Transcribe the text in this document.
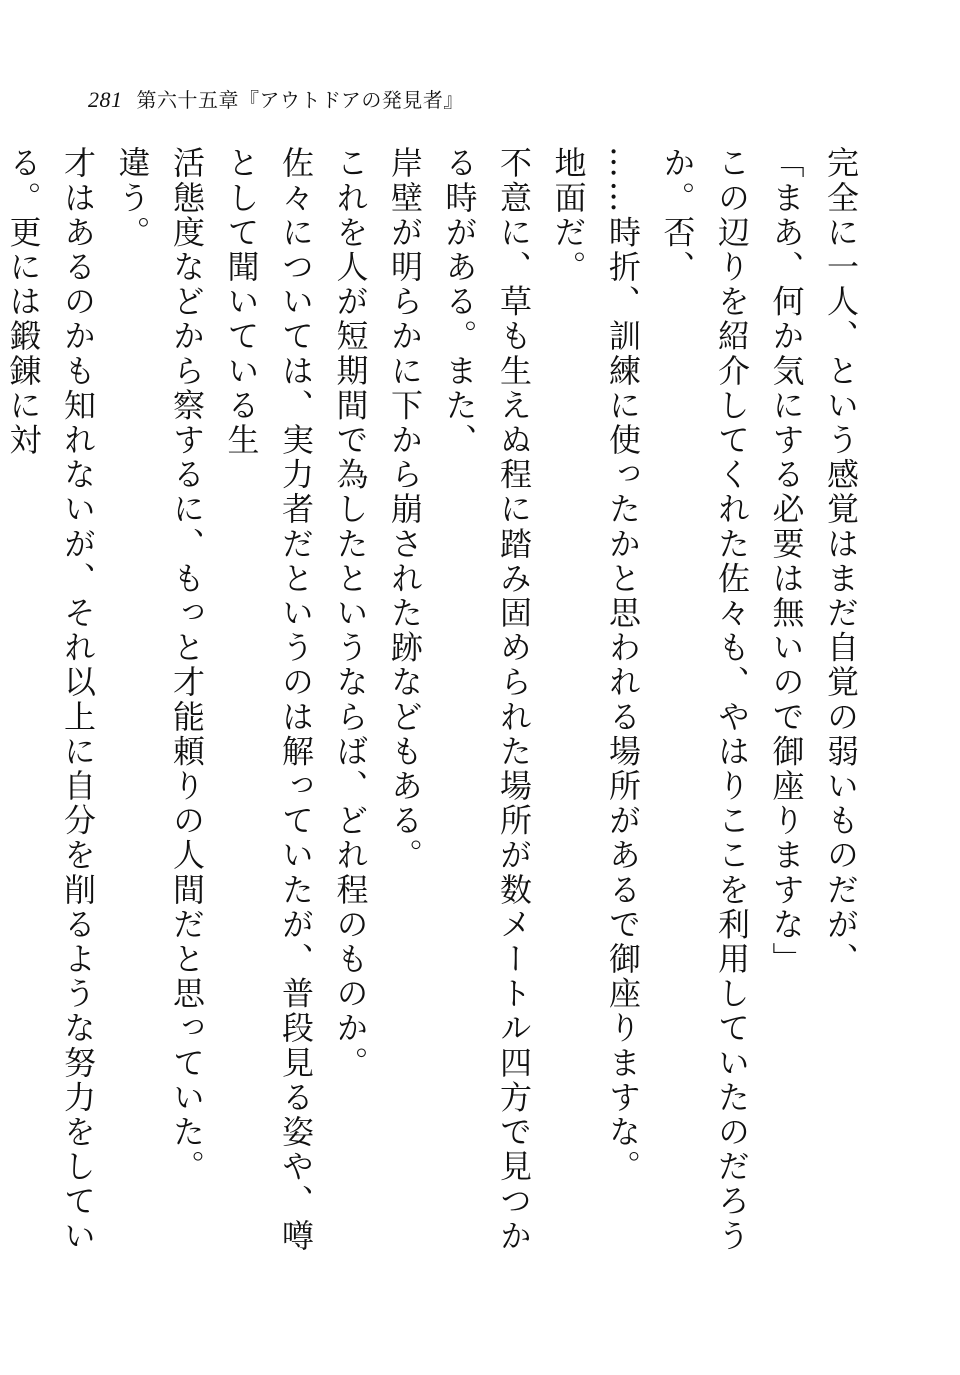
281 第六十五章『アウトドアの発見者』

完全に一人、という感覚はまだ自覚の弱いものだが、

「まあ、何か気にする必要は無いので御座りますな」

この辺りを紹介してくれた佐々も、やはりここを利用していたのだろうか。否、

……時折、訓練に使ったかと思われる場所があるで御座りますな。

地面だ。

不意に、草も生えぬ程に踏み固められた場所が数メートル四方で見つかる時がある。また、

岸壁が明らかに下から崩された跡などもある。

これを人が短期間で為したというならば、どれ程のものか。

佐々については、実力者だというのは解っていたが、普段見る姿や、噂として聞いている生

活態度などから察するに、もっと才能頼りの人間だと思っていた。

違う。

才はあるのかも知れないが、それ以上に自分を削るような努力をしている。更には鍛錬に対
